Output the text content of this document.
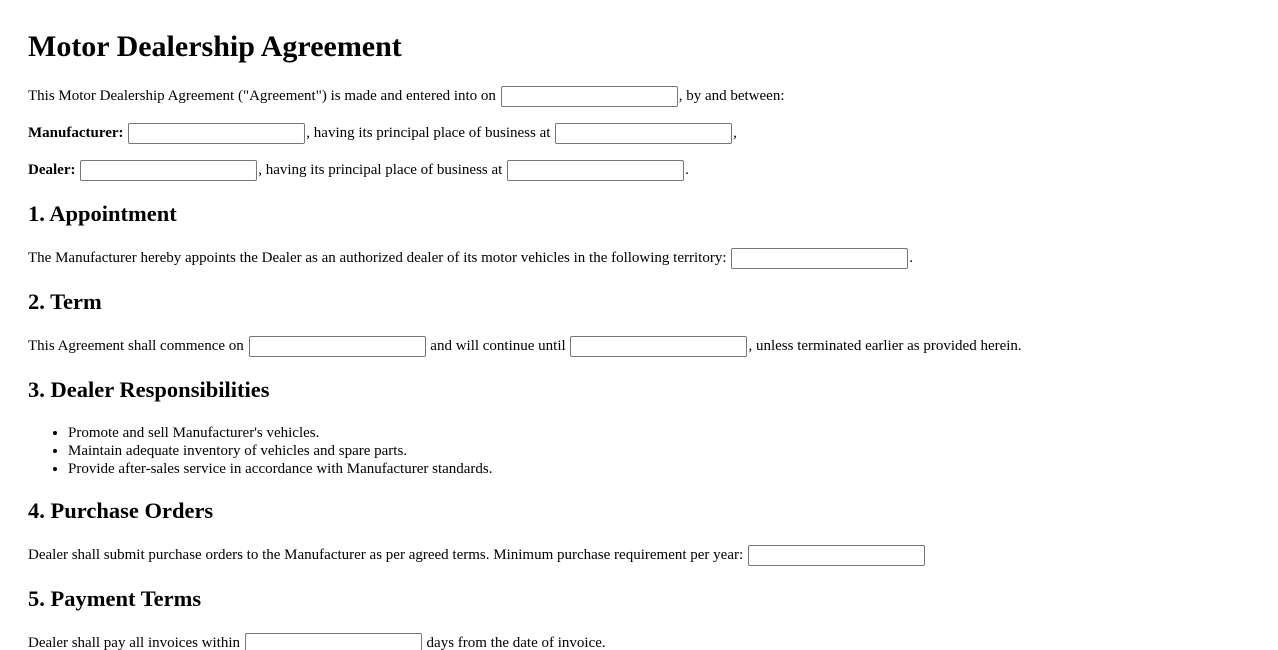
Motor Dealership Agreement

This Motor Dealership Agreement ("Agreement") is made and entered into on	, by and between:

Manufacturer:	, having its principal place of business at	,

Dealer:	, having its principal place of business at	.

1. Appointment

The Manufacturer hereby appoints the Dealer as an authorized dealer of its motor vehicles in the following territory:	.

2. Term

This Agreement shall commence on	and will continue until	, unless terminated earlier as provided herein.

3. Dealer Responsibilities
• Promote and sell Manufacturer's vehicles.
• Maintain adequate inventory of vehicles and spare parts.
• Provide after-sales service in accordance with Manufacturer standards.
4. Purchase Orders

Dealer shall submit purchase orders to the Manufacturer as per agreed terms. Minimum purchase requirement per year:

5. Payment Terms

Dealer shall pay all invoices within	days from the date of invoice.
